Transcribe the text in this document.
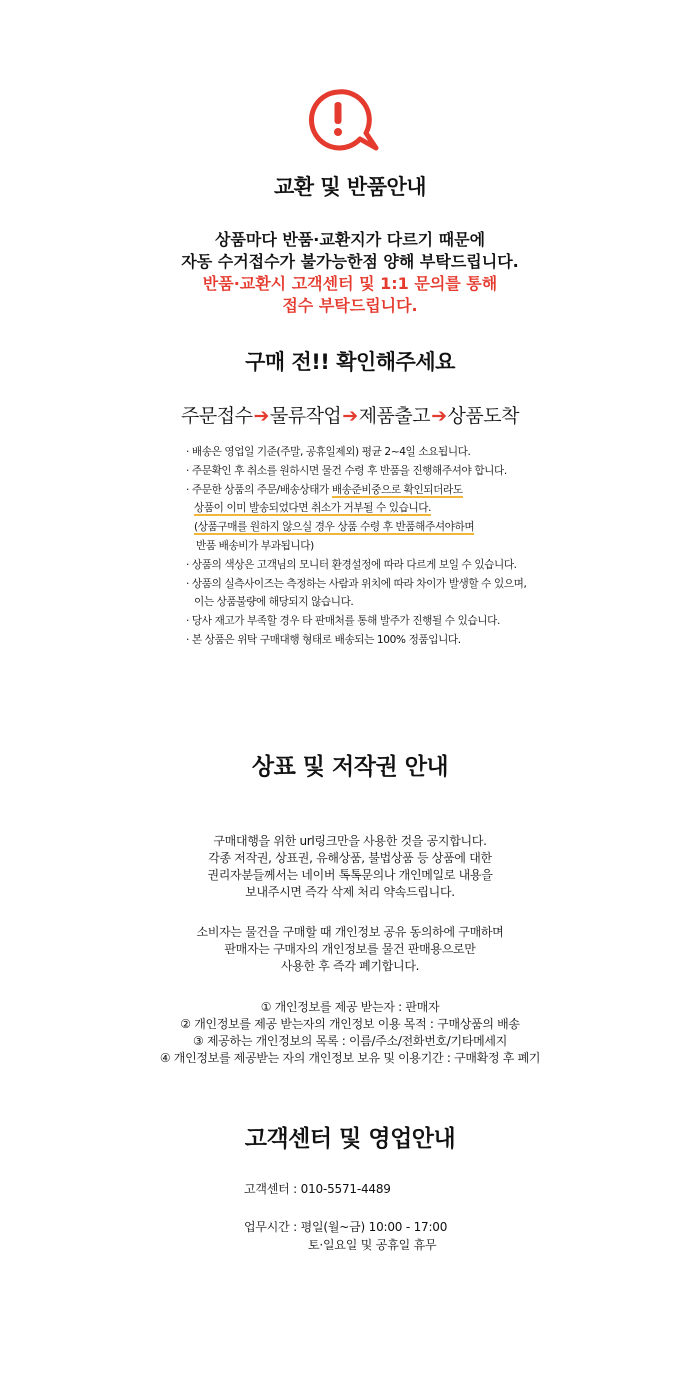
교환 및 반품안내
상품마다 반품·교환지가 다르기 때문에
자동 수거접수가 불가능한점 양해 부탁드립니다.
반품·교환시 고객센터 및 1:1 문의를 통해
접수 부탁드립니다.
구매 전!! 확인해주세요
주문접수➔물류작업➔제품출고➔상품도착
· 배송은 영업일 기준(주말, 공휴일제외) 평균 2~4일 소요됩니다.
· 주문확인 후 취소를 원하시면 물건 수령 후 반품을 진행해주셔야 합니다.
· 주문한 상품의 주문/배송상태가 배송준비중으로 확인되더라도
상품이 이미 발송되었다면 취소가 거부될 수 있습니다.
(상품구매를 원하지 않으실 경우 상품 수령 후 반품해주셔야하며
반품 배송비가 부과됩니다)
· 상품의 색상은 고객님의 모니터 환경설정에 따라 다르게 보일 수 있습니다.
· 상품의 실측사이즈는 측정하는 사람과 위치에 따라 차이가 발생할 수 있으며,
이는 상품불량에 해당되지 않습니다.
· 당사 재고가 부족할 경우 타 판매처를 통해 발주가 진행될 수 있습니다.
· 본 상품은 위탁 구매대행 형태로 배송되는 100% 정품입니다.
상표 및 저작권 안내
구매대행을 위한 url링크만을 사용한 것을 공지합니다.
각종 저작권, 상표권, 유해상품, 불법상품 등 상품에 대한
권리자분들께서는 네이버 톡톡문의나 개인메일로 내용을
보내주시면 즉각 삭제 처리 약속드립니다.
소비자는 물건을 구매할 때 개인정보 공유 동의하에 구매하며
판매자는 구매자의 개인정보를 물건 판매용으로만
사용한 후 즉각 폐기합니다.
① 개인정보를 제공 받는자 : 판매자
② 개인정보를 제공 받는자의 개인정보 이용 목적 : 구매상품의 배송
③ 제공하는 개인정보의 목록 : 이름/주소/전화번호/기타메세지
④ 개인정보를 제공받는 자의 개인정보 보유 및 이용기간 : 구매확정 후 폐기
고객센터 및 영업안내
고객센터 : 010-5571-4489
업무시간 : 평일(월~금) 10:00 - 17:00
토·일요일 및 공휴일 휴무
